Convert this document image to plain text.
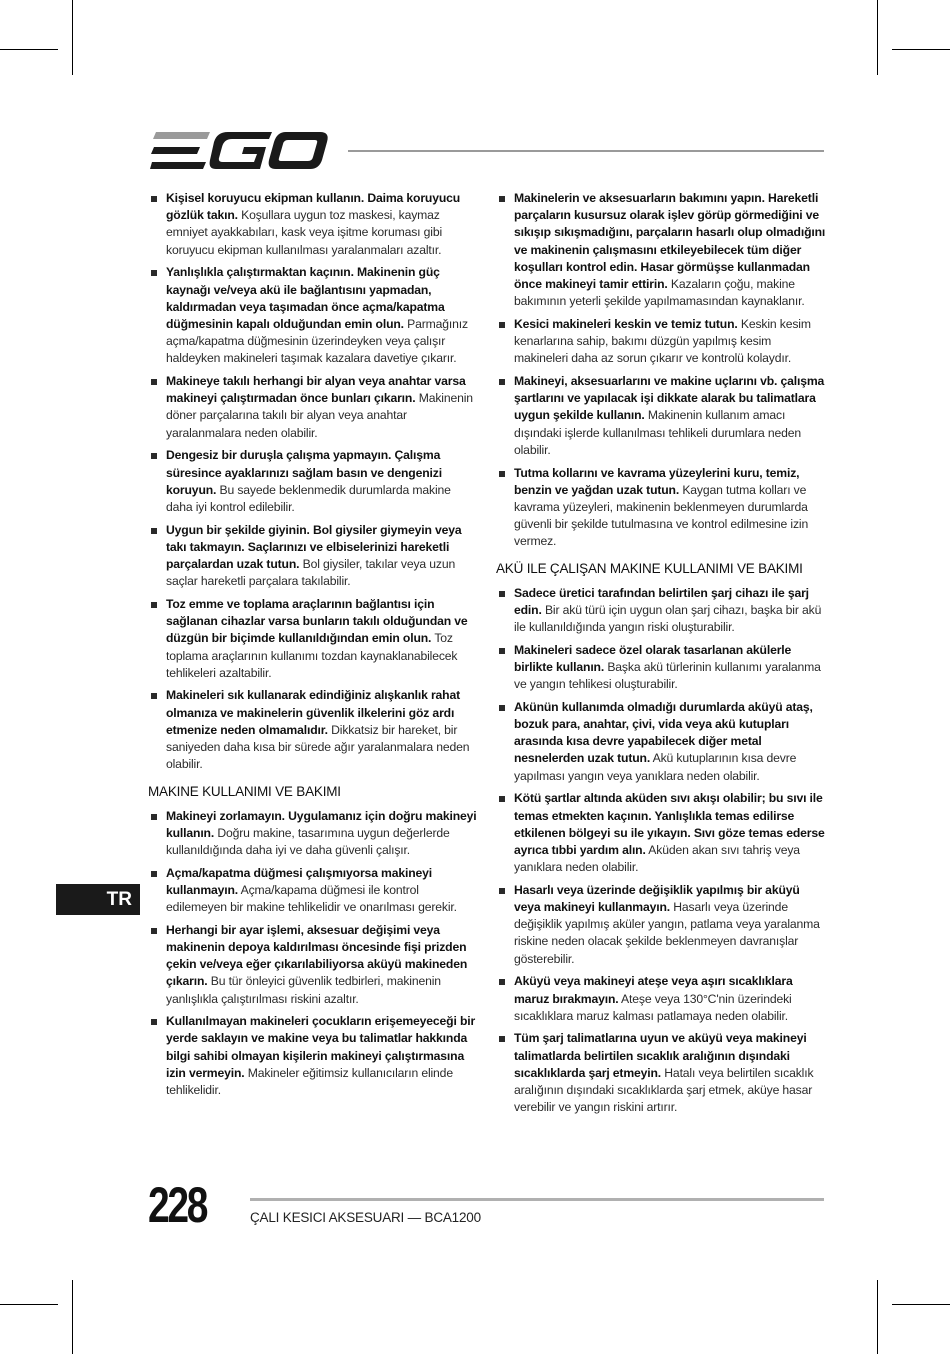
Kişisel koruyucu ekipman kullanın. Daima koruyucu gözlük takın. Koşullara uygun toz maskesi, kaymaz emniyet ayakkabıları, kask veya işitme koruması gibi koruyucu ekipman kullanılması yaralanmaları azaltır.
Yanlışlıkla çalıştırmaktan kaçının. Makinenin güç kaynağı ve/veya akü ile bağlantısını yapmadan, kaldırmadan veya taşımadan önce açma/kapatma düğmesinin kapalı olduğundan emin olun. Parmağınız açma/kapatma düğmesinin üzerindeyken veya çalışır haldeyken makineleri taşımak kazalara davetiye çıkarır.
Makineye takılı herhangi bir alyan veya anahtar varsa makineyi çalıştırmadan önce bunları çıkarın. Makinenin döner parçalarına takılı bir alyan veya anahtar yaralanmalara neden olabilir.
Dengesiz bir duruşla çalışma yapmayın. Çalışma süresince ayaklarınızı sağlam basın ve dengenizi koruyun. Bu sayede beklenmedik durumlarda makine daha iyi kontrol edilebilir.
Uygun bir şekilde giyinin. Bol giysiler giymeyin veya takı takmayın. Saçlarınızı ve elbiselerinizi hareketli parçalardan uzak tutun. Bol giysiler, takılar veya uzun saçlar hareketli parçalara takılabilir.
Toz emme ve toplama araçlarının bağlantısı için sağlanan cihazlar varsa bunların takılı olduğundan ve düzgün bir biçimde kullanıldığından emin olun. Toz toplama araçlarının kullanımı tozdan kaynaklanabilecek tehlikeleri azaltabilir.
Makineleri sık kullanarak edindiğiniz alışkanlık rahat olmanıza ve makinelerin güvenlik ilkelerini göz ardı etmenize neden olmamalıdır. Dikkatsiz bir hareket, bir saniyeden daha kısa bir sürede ağır yaralanmalara neden olabilir.
MAKINE KULLANIMI VE BAKIMI
Makineyi zorlamayın. Uygulamanız için doğru makineyi kullanın. Doğru makine, tasarımına uygun değerlerde kullanıldığında daha iyi ve daha güvenli çalışır.
Açma/kapatma düğmesi çalışmıyorsa makineyi kullanmayın. Açma/kapama düğmesi ile kontrol edilemeyen bir makine tehlikelidir ve onarılması gerekir.
Herhangi bir ayar işlemi, aksesuar değişimi veya makinenin depoya kaldırılması öncesinde fişi prizden çekin ve/veya eğer çıkarılabiliyorsa aküyü makineden çıkarın. Bu tür önleyici güvenlik tedbirleri, makinenin yanlışlıkla çalıştırılması riskini azaltır.
Kullanılmayan makineleri çocukların erişemeyeceği bir yerde saklayın ve makine veya bu talimatlar hakkında bilgi sahibi olmayan kişilerin makineyi çalıştırmasına izin vermeyin. Makineler eğitimsiz kullanıcıların elinde tehlikelidir.
Makinelerin ve aksesuarların bakımını yapın. Hareketli parçaların kusursuz olarak işlev görüp görmediğini ve sıkışıp sıkışmadığını, parçaların hasarlı olup olmadığını ve makinenin çalışmasını etkileyebilecek tüm diğer koşulları kontrol edin. Hasar görmüşse kullanmadan önce makineyi tamir ettirin. Kazaların çoğu, makine bakımının yeterli şekilde yapılmamasından kaynaklanır.
Kesici makineleri keskin ve temiz tutun. Keskin kesim kenarlarına sahip, bakımı düzgün yapılmış kesim makineleri daha az sorun çıkarır ve kontrolü kolaydır.
Makineyi, aksesuarlarını ve makine uçlarını vb. çalışma şartlarını ve yapılacak işi dikkate alarak bu talimatlara uygun şekilde kullanın. Makinenin kullanım amacı dışındaki işlerde kullanılması tehlikeli durumlara neden olabilir.
Tutma kollarını ve kavrama yüzeylerini kuru, temiz, benzin ve yağdan uzak tutun. Kaygan tutma kolları ve kavrama yüzeyleri, makinenin beklenmeyen durumlarda güvenli bir şekilde tutulmasına ve kontrol edilmesine izin vermez.
AKÜ ILE ÇALIŞAN MAKINE KULLANIMI VE BAKIMI
Sadece üretici tarafından belirtilen şarj cihazı ile şarj edin. Bir akü türü için uygun olan şarj cihazı, başka bir akü ile kullanıldığında yangın riski oluşturabilir.
Makineleri sadece özel olarak tasarlanan akülerle birlikte kullanın. Başka akü türlerinin kullanımı yaralanma ve yangın tehlikesi oluşturabilir.
Akünün kullanımda olmadığı durumlarda aküyü ataş, bozuk para, anahtar, çivi, vida veya akü kutupları arasında kısa devre yapabilecek diğer metal nesnelerden uzak tutun. Akü kutuplarının kısa devre yapılması yangın veya yanıklara neden olabilir.
Kötü şartlar altında aküden sıvı akışı olabilir; bu sıvı ile temas etmekten kaçının. Yanlışlıkla temas edilirse etkilenen bölgeyi su ile yıkayın. Sıvı göze temas ederse ayrıca tıbbi yardım alın. Aküden akan sıvı tahriş veya yanıklara neden olabilir.
Hasarlı veya üzerinde değişiklik yapılmış bir aküyü veya makineyi kullanmayın. Hasarlı veya üzerinde değişiklik yapılmış aküler yangın, patlama veya yaralanma riskine neden olacak şekilde beklenmeyen davranışlar gösterebilir.
Aküyü veya makineyi ateşe veya aşırı sıcaklıklara maruz bırakmayın. Ateşe veya 130°C'nin üzerindeki sıcaklıklara maruz kalması patlamaya neden olabilir.
Tüm şarj talimatlarına uyun ve aküyü veya makineyi talimatlarda belirtilen sıcaklık aralığının dışındaki sıcaklıklarda şarj etmeyin. Hatalı veya belirtilen sıcaklık aralığının dışındaki sıcaklıklarda şarj etmek, aküye hasar verebilir ve yangın riskini artırır.
TR
228	ÇALI KESICI AKSESUARI — BCA1200
